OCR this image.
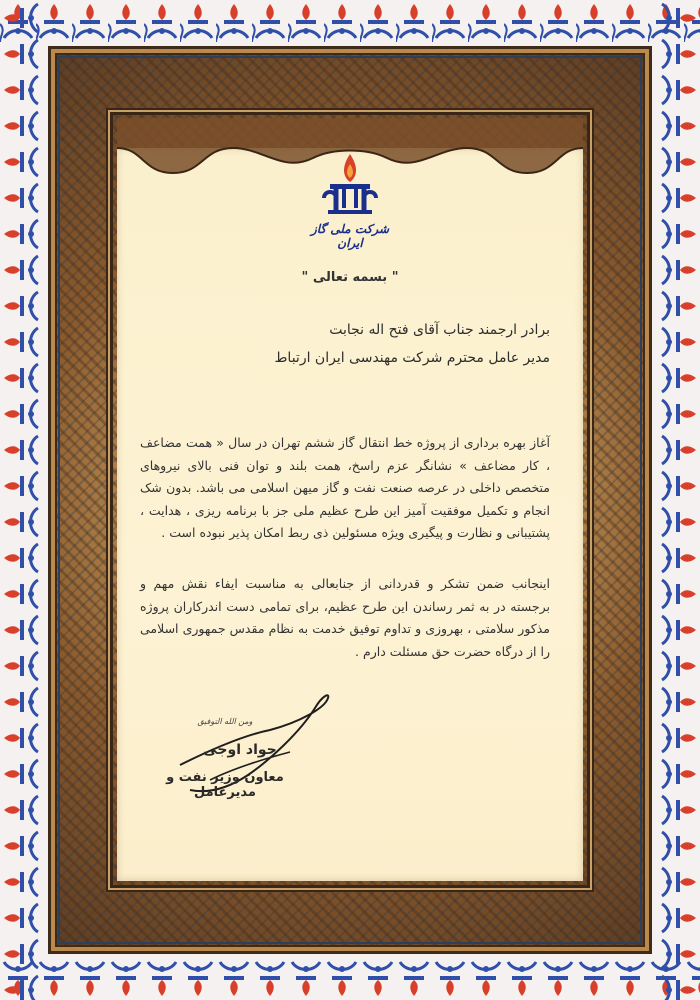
شرکت ملی گاز ایران

" بسمه تعالی "

برادر ارجمند جناب آقای فتح اله نجابت

مدیر عامل محترم شرکت مهندسی ایران ارتباط

آغاز بهره برداری از پروژه خط انتقال گاز ششم تهران در سال « همت مضاعف ، کار مضاعف » نشانگر عزم راسخ، همت بلند و توان فنی بالای نیروهای متخصص داخلی در عرصه صنعت نفت و گاز میهن اسلامی می باشد. بدون شک انجام و تکمیل موفقیت آمیز این طرح عظیم ملی جز با برنامه ریزی ، هدایت ، پشتیبانی و نظارت و پیگیری ویژه مسئولین ذی ربط امکان پذیر نبوده است .

اینجانب ضمن تشکر و قدردانی از جنابعالی به مناسبت ایفاء نقش مهم و برجسته در به ثمر رساندن این طرح عظیم، برای تمامی دست اندرکاران پروژه مذکور سلامتی ، بهروزی و تداوم توفیق خدمت به نظام مقدس جمهوری اسلامی را از درگاه حضرت حق مسئلت دارم .

ومن الله التوفیق

جواد اوجی

معاون وزیر نفت و مدیرعامل
